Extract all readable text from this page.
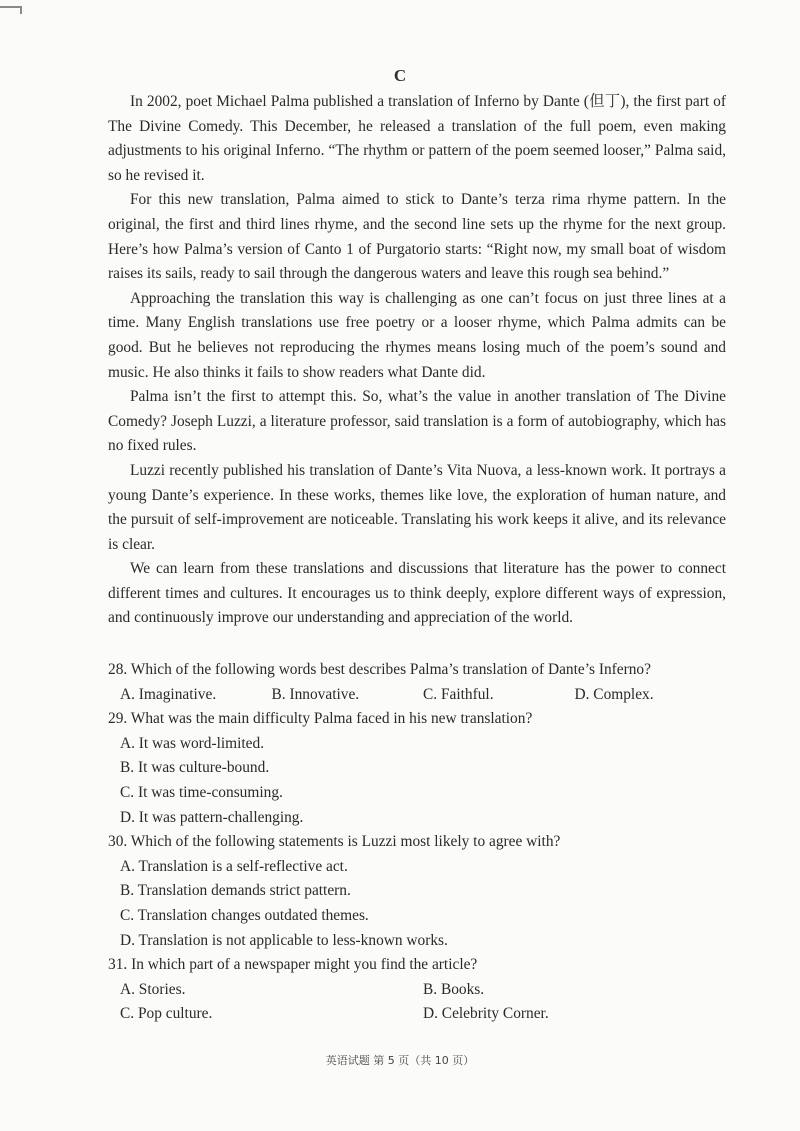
C

In 2002, poet Michael Palma published a translation of Inferno by Dante (但丁), the first part of The Divine Comedy. This December, he released a translation of the full poem, even making adjustments to his original Inferno. “The rhythm or pattern of the poem seemed looser,” Palma said, so he revised it.

For this new translation, Palma aimed to stick to Dante’s terza rima rhyme pattern. In the original, the first and third lines rhyme, and the second line sets up the rhyme for the next group. Here’s how Palma’s version of Canto 1 of Purgatorio starts: “Right now, my small boat of wisdom raises its sails, ready to sail through the dangerous waters and leave this rough sea behind.”

Approaching the translation this way is challenging as one can’t focus on just three lines at a time. Many English translations use free poetry or a looser rhyme, which Palma admits can be good. But he believes not reproducing the rhymes means losing much of the poem’s sound and music. He also thinks it fails to show readers what Dante did.

Palma isn’t the first to attempt this. So, what’s the value in another translation of The Divine Comedy? Joseph Luzzi, a literature professor, said translation is a form of autobiography, which has no fixed rules.

Luzzi recently published his translation of Dante’s Vita Nuova, a less-known work. It portrays a young Dante’s experience. In these works, themes like love, the exploration of human nature, and the pursuit of self-improvement are noticeable. Translating his work keeps it alive, and its relevance is clear.

We can learn from these translations and discussions that literature has the power to connect different times and cultures. It encourages us to think deeply, explore different ways of expression, and continuously improve our understanding and appreciation of the world.

28. Which of the following words best describes Palma’s translation of Dante’s Inferno?

A. Imaginative.	B. Innovative.	C. Faithful.	D. Complex.

29. What was the main difficulty Palma faced in his new translation?

A. It was word-limited.

B. It was culture-bound.

C. It was time-consuming.

D. It was pattern-challenging.

30. Which of the following statements is Luzzi most likely to agree with?

A. Translation is a self-reflective act.

B. Translation demands strict pattern.

C. Translation changes outdated themes.

D. Translation is not applicable to less-known works.

31. In which part of a newspaper might you find the article?

A. Stories.	B. Books.
C. Pop culture.	D. Celebrity Corner.
英语试题 第 5 页（共 10 页）
